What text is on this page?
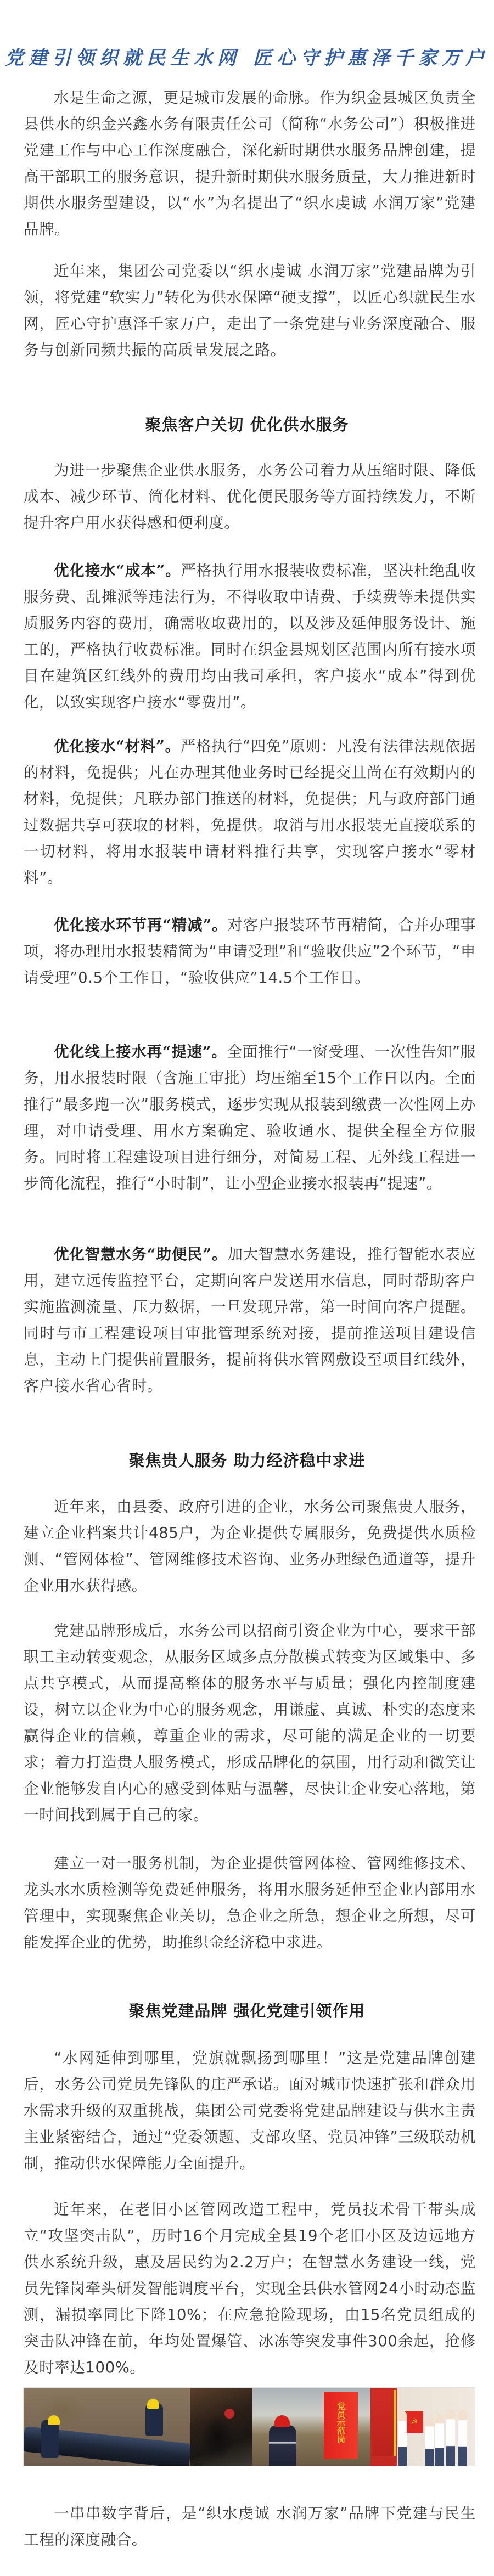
党建引领织就民生水网 匠心守护惠泽千家万户

水是生命之源，更是城市发展的命脉。作为织金县城区负责全县供水的织金兴鑫水务有限责任公司（简称“水务公司”）积极推进党建工作与中心工作深度融合，深化新时期供水服务品牌创建，提高干部职工的服务意识，提升新时期供水服务质量，大力推进新时期供水服务型建设，以“水”为名提出了“织水虔诚 水润万家”党建品牌。

近年来，集团公司党委以“织水虔诚 水润万家”党建品牌为引领，将党建“软实力”转化为供水保障“硬支撑”，以匠心织就民生水网，匠心守护惠泽千家万户，走出了一条党建与业务深度融合、服务与创新同频共振的高质量发展之路。

聚焦客户关切 优化供水服务

为进一步聚焦企业供水服务，水务公司着力从压缩时限、降低成本、减少环节、简化材料、优化便民服务等方面持续发力，不断提升客户用水获得感和便利度。

优化接水“成本”。严格执行用水报装收费标准，坚决杜绝乱收服务费、乱摊派等违法行为，不得收取申请费、手续费等未提供实质服务内容的费用，确需收取费用的，以及涉及延伸服务设计、施工的，严格执行收费标准。同时在织金县规划区范围内所有接水项目在建筑区红线外的费用均由我司承担，客户接水“成本”得到优化，以致实现客户接水“零费用”。

优化接水“材料”。严格执行“四免”原则：凡没有法律法规依据的材料，免提供；凡在办理其他业务时已经提交且尚在有效期内的材料，免提供；凡联办部门推送的材料，免提供；凡与政府部门通过数据共享可获取的材料，免提供。取消与用水报装无直接联系的一切材料，将用水报装申请材料推行共享，实现客户接水“零材料”。

优化接水环节再“精减”。对客户报装环节再精简，合并办理事项，将办理用水报装精简为“申请受理”和“验收供应”2个环节，“申请受理”0.5个工作日，“验收供应”14.5个工作日。

优化线上接水再“提速”。全面推行“一窗受理、一次性告知”服务，用水报装时限（含施工审批）均压缩至15个工作日以内。全面推行“最多跑一次”服务模式，逐步实现从报装到缴费一次性网上办理，对申请受理、用水方案确定、验收通水、提供全程全方位服务。同时将工程建设项目进行细分，对简易工程、无外线工程进一步简化流程，推行“小时制”，让小型企业接水报装再“提速”。

优化智慧水务“助便民”。加大智慧水务建设，推行智能水表应用，建立远传监控平台，定期向客户发送用水信息，同时帮助客户实施监测流量、压力数据，一旦发现异常，第一时间向客户提醒。同时与市工程建设项目审批管理系统对接，提前推送项目建设信息，主动上门提供前置服务，提前将供水管网敷设至项目红线外，客户接水省心省时。

聚焦贵人服务 助力经济稳中求进

近年来，由县委、政府引进的企业，水务公司聚焦贵人服务，建立企业档案共计485户，为企业提供专属服务，免费提供水质检测、“管网体检”、管网维修技术咨询、业务办理绿色通道等，提升企业用水获得感。

党建品牌形成后，水务公司以招商引资企业为中心，要求干部职工主动转变观念，从服务区域多点分散模式转变为区域集中、多点共享模式，从而提高整体的服务水平与质量；强化内控制度建设，树立以企业为中心的服务观念，用谦虚、真诚、朴实的态度来赢得企业的信赖，尊重企业的需求，尽可能的满足企业的一切要求；着力打造贵人服务模式，形成品牌化的氛围，用行动和微笑让企业能够发自内心的感受到体贴与温馨，尽快让企业安心落地，第一时间找到属于自己的家。

建立一对一服务机制，为企业提供管网体检、管网维修技术、龙头水水质检测等免费延伸服务，将用水服务延伸至企业内部用水管理中，实现聚焦企业关切，急企业之所急，想企业之所想，尽可能发挥企业的优势，助推织金经济稳中求进。

聚焦党建品牌 强化党建引领作用

“水网延伸到哪里，党旗就飘扬到哪里！”这是党建品牌创建后，水务公司党员先锋队的庄严承诺。面对城市快速扩张和群众用水需求升级的双重挑战，集团公司党委将党建品牌建设与供水主责主业紧密结合，通过“党委领题、支部攻坚、党员冲锋”三级联动机制，推动供水保障能力全面提升。

近年来，在老旧小区管网改造工程中，党员技术骨干带头成立“攻坚突击队”，历时16个月完成全县19个老旧小区及边远地方供水系统升级，惠及居民约为2.2万户；在智慧水务建设一线，党员先锋岗牵头研发智能调度平台，实现全县供水管网24小时动态监测，漏损率同比下降10%；在应急抢险现场，由15名党员组成的突击队冲锋在前，年均处置爆管、冰冻等突发事件300余起，抢修及时率达100%。

党员示范岗	☭

一串串数字背后，是“织水虔诚 水润万家”品牌下党建与民生工程的深度融合。
